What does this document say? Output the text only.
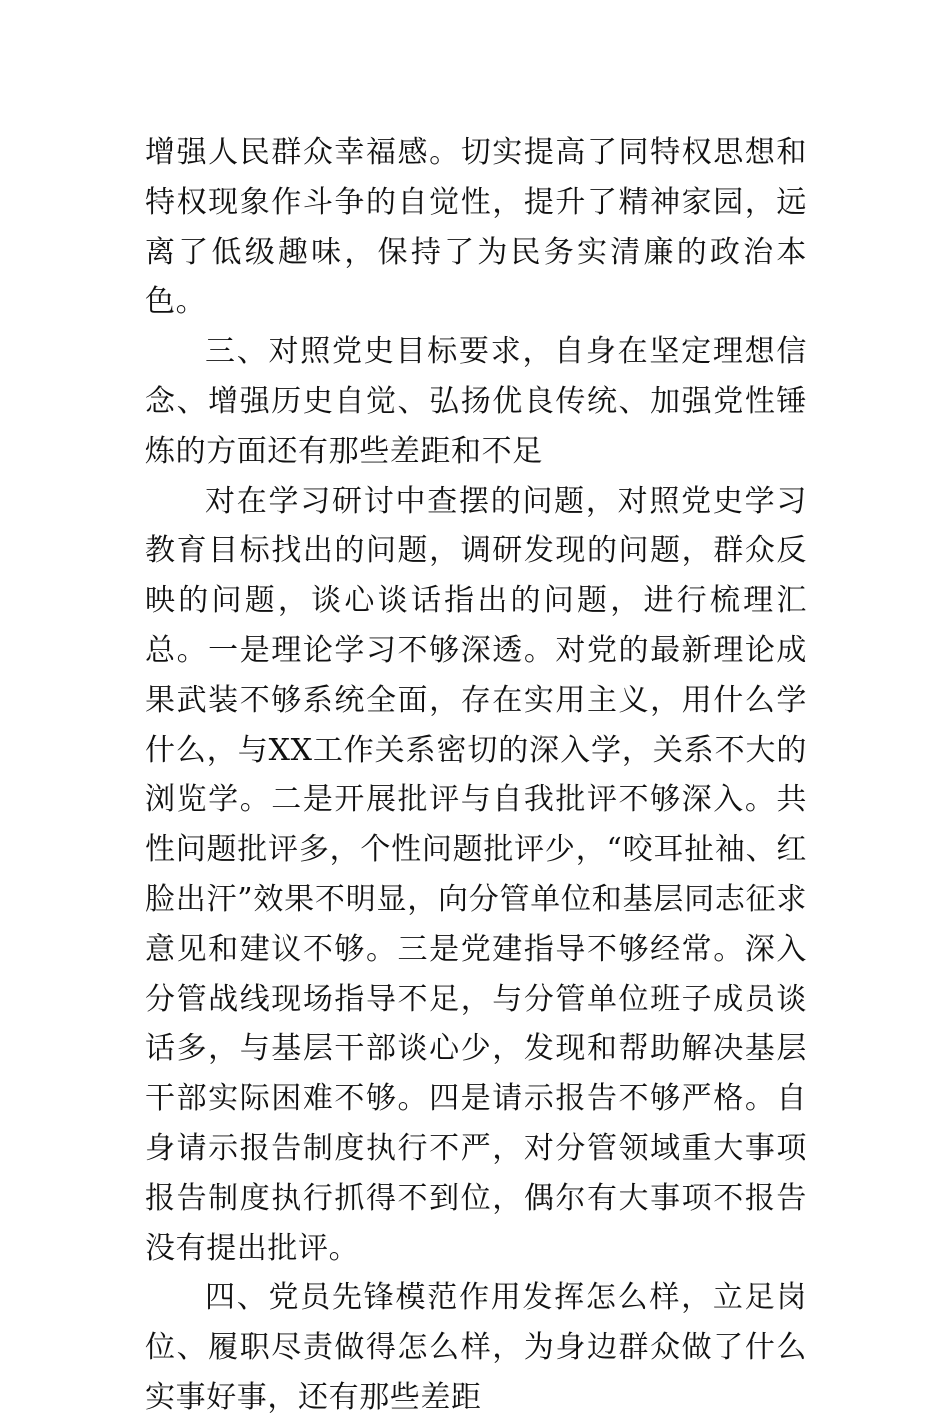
增强人民群众幸福感。切实提高了同特权思想和特权现象作斗争的自觉性，提升了精神家园，远离了低级趣味，保持了为民务实清廉的政治本色。

三、对照党史目标要求，自身在坚定理想信念、增强历史自觉、弘扬优良传统、加强党性锤炼的方面还有那些差距和不足

对在学习研讨中查摆的问题，对照党史学习教育目标找出的问题，调研发现的问题，群众反映的问题，谈心谈话指出的问题，进行梳理汇总。一是理论学习不够深透。对党的最新理论成果武装不够系统全面，存在实用主义，用什么学什么，与XX工作关系密切的深入学，关系不大的浏览学。二是开展批评与自我批评不够深入。共性问题批评多，个性问题批评少，“咬耳扯袖、红脸出汗”效果不明显，向分管单位和基层同志征求意见和建议不够。三是党建指导不够经常。深入分管战线现场指导不足，与分管单位班子成员谈话多，与基层干部谈心少，发现和帮助解决基层干部实际困难不够。四是请示报告不够严格。自身请示报告制度执行不严，对分管领域重大事项报告制度执行抓得不到位，偶尔有大事项不报告没有提出批评。

四、党员先锋模范作用发挥怎么样，立足岗位、履职尽责做得怎么样，为身边群众做了什么实事好事，还有那些差距
